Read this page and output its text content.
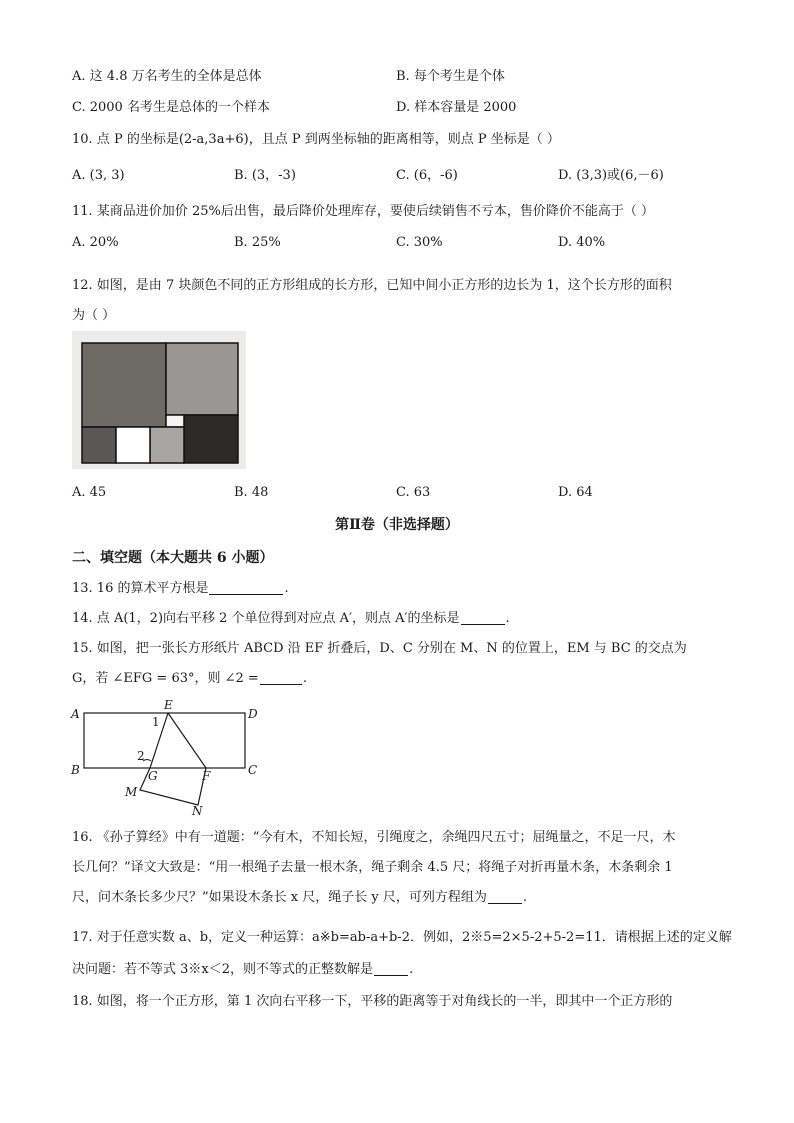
A. 这 4.8 万名考生的全体是总体	B. 每个考生是个体
C. 2000 名考生是总体的一个样本	D. 样本容量是 2000
10. 点 P 的坐标是(2-a,3a+6)，且点 P 到两坐标轴的距离相等，则点 P 坐标是（ ）
A. (3, 3)	B. (3，-3)	C. (6，-6)	D. (3,3)或(6,－6)
11. 某商品进价加价 25%后出售，最后降价处理库存，要使后续销售不亏本，售价降价不能高于（ ）
A. 20%	B. 25%	C. 30%	D. 40%
12. 如图，是由 7 块颜色不同的正方形组成的长方形，已知中间小正方形的边长为 1，这个长方形的面积
为（ ）
A. 45	B. 48	C. 63	D. 64
第Ⅱ卷（非选择题）
二、填空题（本大题共 6 小题）
13. 16 的算术平方根是	.
14. 点 A(1，2)向右平移 2 个单位得到对应点 A′，则点 A′的坐标是	.
15. 如图，把一张长方形纸片 ABCD 沿 EF 折叠后，D、C 分别在 M、N 的位置上，EM 与 BC 的交点为
G，若 ∠EFG = 63°，则 ∠2 =	.
A
B	C
D
E
F
G
M
N
1
2
16. 《孙子算经》中有一道题：“今有木，不知长短，引绳度之，余绳四尺五寸；屈绳量之，不足一尺，木
长几何？”译文大致是：“用一根绳子去量一根木条，绳子剩余 4.5 尺；将绳子对折再量木条，木条剩余 1
尺，问木条长多少尺？”如果设木条长 x 尺，绳子长 y 尺，可列方程组为	.
17. 对于任意实数 a、b，定义一种运算：a※b=ab-a+b-2．例如，2※5=2×5-2+5-2=11．请根据上述的定义解
决问题：若不等式 3※x＜2，则不等式的正整数解是	.
18. 如图，将一个正方形，第 1 次向右平移一下，平移的距离等于对角线长的一半，即其中一个正方形的
